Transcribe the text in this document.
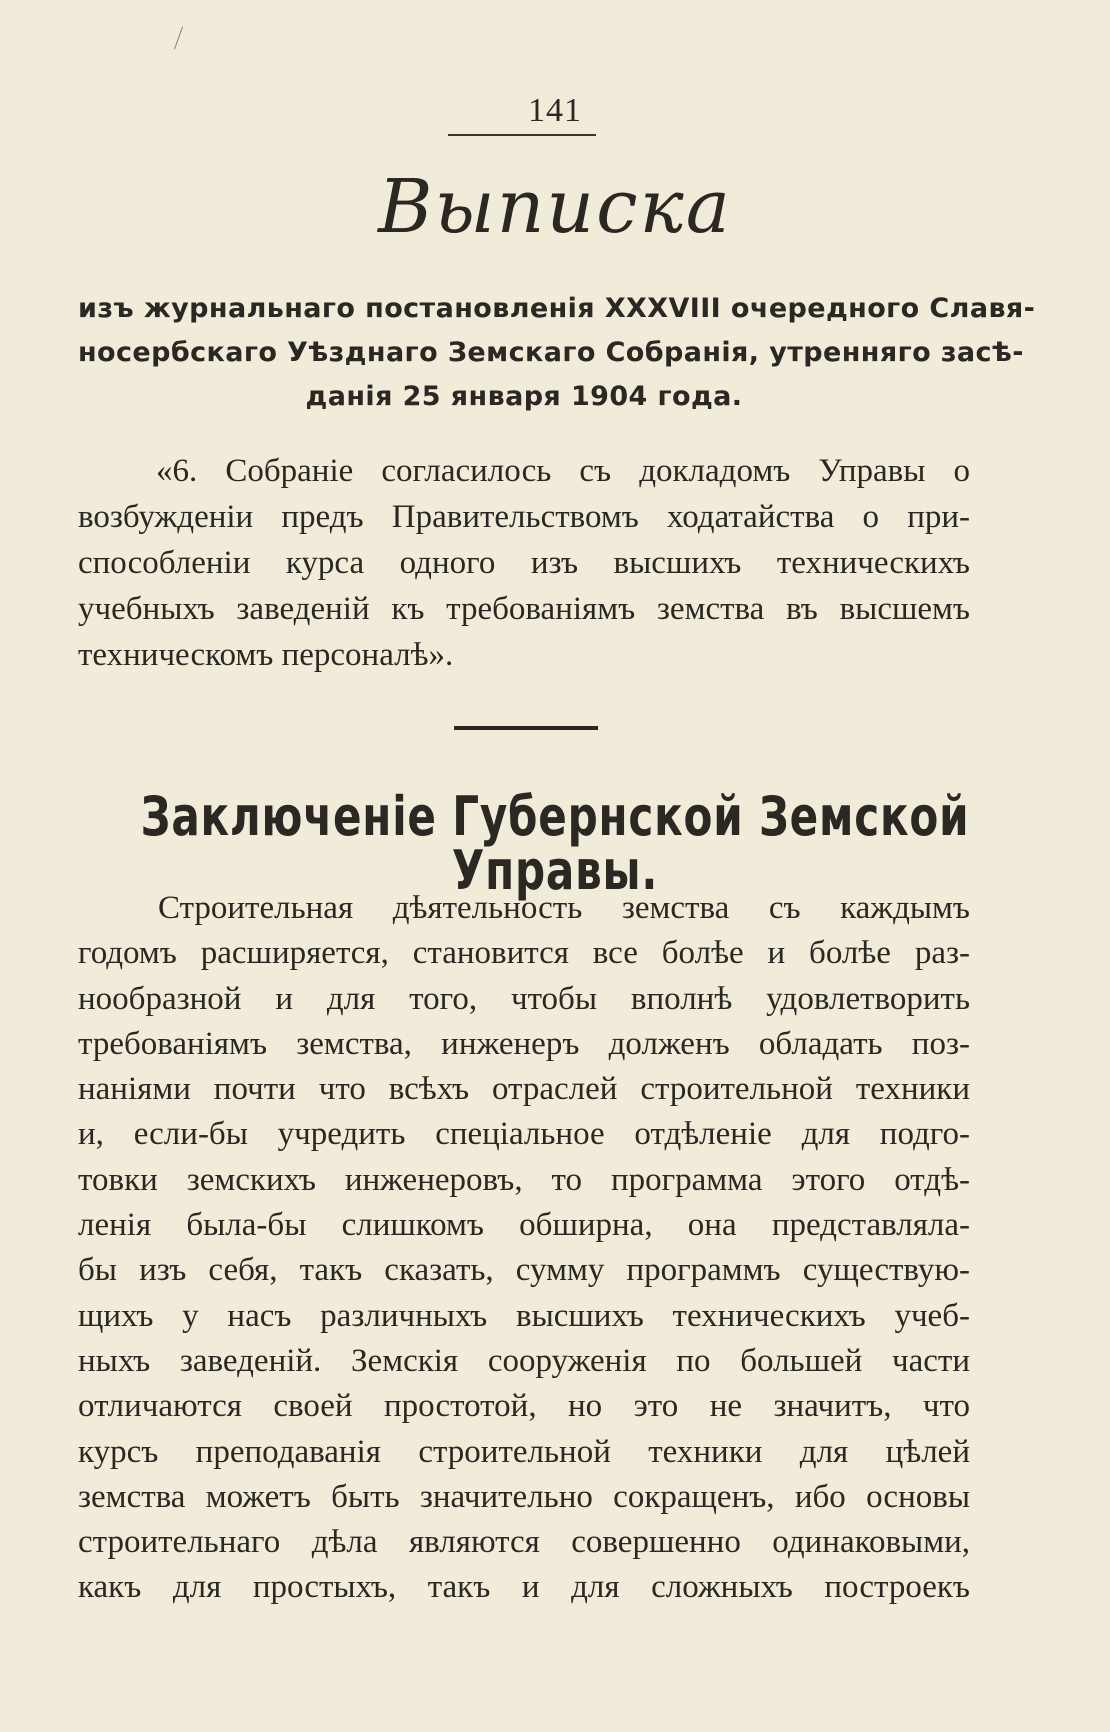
141
Выписка
изъ журнальнаго постановленія XXXVIII очередного Славя-
носербскаго Уѣзднаго Земскаго Собранія, утренняго засѣ-
данія 25 января 1904 года.
«6. Собраніе согласилось съ докладомъ Управы о
возбужденіи предъ Правительствомъ ходатайства о при-
способленіи курса одного изъ высшихъ техническихъ
учебныхъ заведеній къ требованіямъ земства въ высшемъ
техническомъ персоналѣ».
Заключеніе Губернской Земской Управы.
Строительная дѣятельность земства съ каждымъ
годомъ расширяется, становится все болѣе и болѣе раз-
нообразной и для того, чтобы вполнѣ удовлетворить
требованіямъ земства, инженеръ долженъ обладать поз-
наніями почти что всѣхъ отраслей строительной техники
и, если-бы учредить спеціальное отдѣленіе для подго-
товки земскихъ инженеровъ, то программа этого отдѣ-
ленія была-бы слишкомъ обширна, она представляла-
бы изъ себя, такъ сказать, сумму программъ существую-
щихъ у насъ различныхъ высшихъ техническихъ учеб-
ныхъ заведеній. Земскія сооруженія по большей части
отличаются своей простотой, но это не значитъ, что
курсъ преподаванія строительной техники для цѣлей
земства можетъ быть значительно сокращенъ, ибо основы
строительнаго дѣла являются совершенно одинаковыми,
какъ для простыхъ, такъ и для сложныхъ построекъ
